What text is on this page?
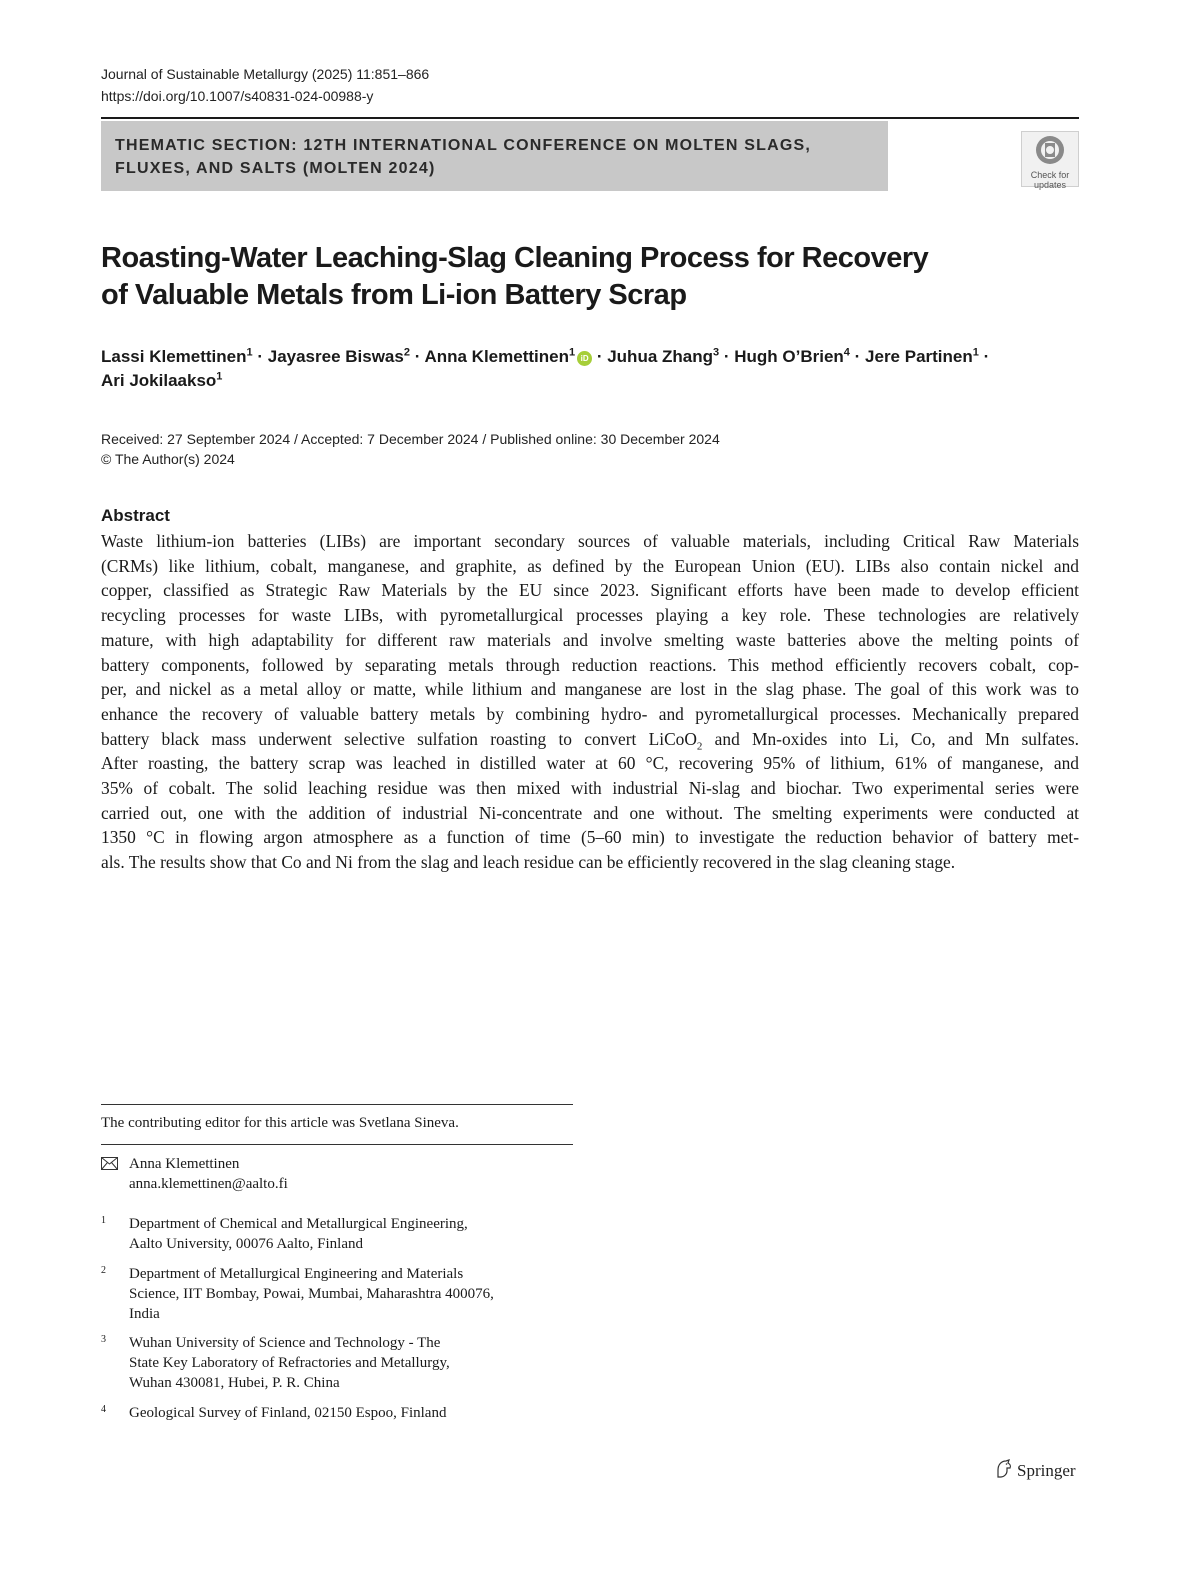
Journal of Sustainable Metallurgy (2025) 11:851–866
https://doi.org/10.1007/s40831-024-00988-y
THEMATIC SECTION: 12TH INTERNATIONAL CONFERENCE ON MOLTEN SLAGS,
FLUXES, AND SALTS (MOLTEN 2024)	Check for
updates
Roasting-Water Leaching-Slag Cleaning Process for Recovery
of Valuable Metals from Li-ion Battery Scrap
Lassi Klemettinen$^1$ · Jayasree Biswas$^2$ · Anna Klemettinen$^1$iD · Juhua Zhang$^3$ · Hugh O’Brien$^4$ · Jere Partinen$^1$ ·
Ari Jokilaakso$^1$
Received: 27 September 2024 / Accepted: 7 December 2024 / Published online: 30 December 2024
© The Author(s) 2024
Abstract
Waste lithium-ion batteries (LIBs) are important secondary sources of valuable materials, including Critical Raw Materials
(CRMs) like lithium, cobalt, manganese, and graphite, as defined by the European Union (EU). LIBs also contain nickel and
copper, classified as Strategic Raw Materials by the EU since 2023. Significant efforts have been made to develop efficient
recycling processes for waste LIBs, with pyrometallurgical processes playing a key role. These technologies are relatively
mature, with high adaptability for different raw materials and involve smelting waste batteries above the melting points of
battery components, followed by separating metals through reduction reactions. This method efficiently recovers cobalt, cop-
per, and nickel as a metal alloy or matte, while lithium and manganese are lost in the slag phase. The goal of this work was to
enhance the recovery of valuable battery metals by combining hydro- and pyrometallurgical processes. Mechanically prepared
battery black mass underwent selective sulfation roasting to convert LiCoO$_2$ and Mn-oxides into Li, Co, and Mn sulfates.
After roasting, the battery scrap was leached in distilled water at 60 °C, recovering 95% of lithium, 61% of manganese, and
35% of cobalt. The solid leaching residue was then mixed with industrial Ni-slag and biochar. Two experimental series were
carried out, one with the addition of industrial Ni-concentrate and one without. The smelting experiments were conducted at
1350 °C in flowing argon atmosphere as a function of time (5–60 min) to investigate the reduction behavior of battery met-
als. The results show that Co and Ni from the slag and leach residue can be efficiently recovered in the slag cleaning stage.
The contributing editor for this article was Svetlana Sineva.
Anna Klemettinen
anna.klemettinen@aalto.fi
1 Department of Chemical and Metallurgical Engineering,
Aalto University, 00076 Aalto, Finland
2 Department of Metallurgical Engineering and Materials
Science, IIT Bombay, Powai, Mumbai, Maharashtra 400076,
India
3 Wuhan University of Science and Technology - The
State Key Laboratory of Refractories and Metallurgy,
Wuhan 430081, Hubei, P. R. China
4 Geological Survey of Finland, 02150 Espoo, Finland
Springer
